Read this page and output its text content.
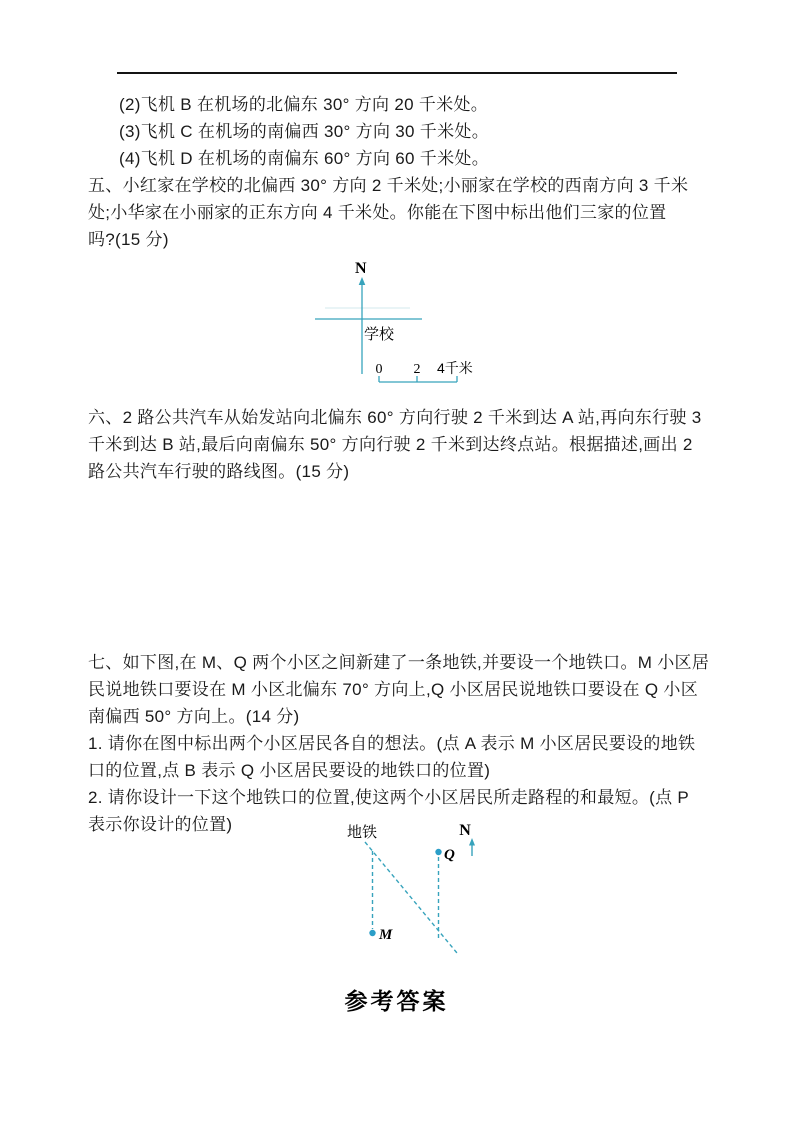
(2)飞机 B 在机场的北偏东 30° 方向 20 千米处。
(3)飞机 C 在机场的南偏西 30° 方向 30 千米处。
(4)飞机 D 在机场的南偏东 60° 方向 60 千米处。
五、小红家在学校的北偏西 30° 方向 2 千米处;小丽家在学校的西南方向 3 千米
处;小华家在小丽家的正东方向 4 千米处。你能在下图中标出他们三家的位置
吗?(15 分)
N
学校
0 2 4千米
六、2 路公共汽车从始发站向北偏东 60° 方向行驶 2 千米到达 A 站,再向东行驶 3
千米到达 B 站,最后向南偏东 50° 方向行驶 2 千米到达终点站。根据描述,画出 2
路公共汽车行驶的路线图。(15 分)
七、如下图,在 M、Q 两个小区之间新建了一条地铁,并要设一个地铁口。M 小区居
民说地铁口要设在 M 小区北偏东 70° 方向上,Q 小区居民说地铁口要设在 Q 小区
南偏西 50° 方向上。(14 分)
1. 请你在图中标出两个小区居民各自的想法。(点 A 表示 M 小区居民要设的地铁
口的位置,点 B 表示 Q 小区居民要设的地铁口的位置)
2. 请你设计一下这个地铁口的位置,使这两个小区居民所走路程的和最短。(点 P
表示你设计的位置)	地铁
M
Q
N
参考答案
